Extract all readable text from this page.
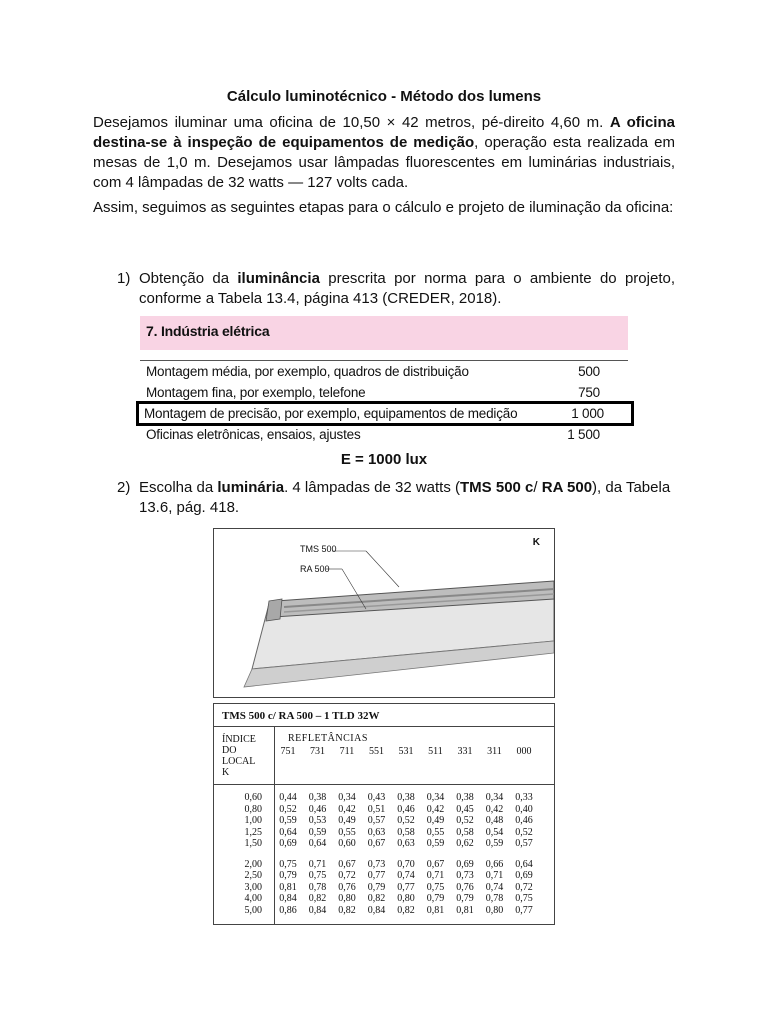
Cálculo luminotécnico - Método dos lumens
Desejamos iluminar uma oficina de 10,50 × 42 metros, pé-direito 4,60 m. A oficina destina-se à inspeção de equipamentos de medição, operação esta realizada em mesas de 1,0 m. Desejamos usar lâmpadas fluorescentes em luminárias industriais, com 4 lâmpadas de 32 watts — 127 volts cada.
Assim, seguimos as seguintes etapas para o cálculo e projeto de iluminação da oficina:
1) Obtenção da iluminância prescrita por norma para o ambiente do projeto, conforme a Tabela 13.4, página 413 (CREDER, 2018).
7. Indústria elétrica
Montagem média, por exemplo, quadros de distribuição	500
Montagem fina, por exemplo, telefone	750
Montagem de precisão, por exemplo, equipamentos de medição	1 000
Oficinas eletrônicas, ensaios, ajustes	1 500
E = 1000 lux
2) Escolha da luminária. 4 lâmpadas de 32 watts (TMS 500 c/ RA 500), da Tabela 13.6, pág. 418.
TMS 500
RA 500
K
TMS 500 c/ RA 500 – 1 TLD 32W
ÍNDICE
DO
LOCAL
K
REFLETÂNCIAS
751	731	711	551	531	511	331	311	000
0,60	0,44	0,38	0,34	0,43	0,38	0,34	0,38	0,34	0,33
0,80	0,52	0,46	0,42	0,51	0,46	0,42	0,45	0,42	0,40
1,00	0,59	0,53	0,49	0,57	0,52	0,49	0,52	0,48	0,46
1,25	0,64	0,59	0,55	0,63	0,58	0,55	0,58	0,54	0,52
1,50	0,69	0,64	0,60	0,67	0,63	0,59	0,62	0,59	0,57
2,00	0,75	0,71	0,67	0,73	0,70	0,67	0,69	0,66	0,64
2,50	0,79	0,75	0,72	0,77	0,74	0,71	0,73	0,71	0,69
3,00	0,81	0,78	0,76	0,79	0,77	0,75	0,76	0,74	0,72
4,00	0,84	0,82	0,80	0,82	0,80	0,79	0,79	0,78	0,75
5,00	0,86	0,84	0,82	0,84	0,82	0,81	0,81	0,80	0,77
